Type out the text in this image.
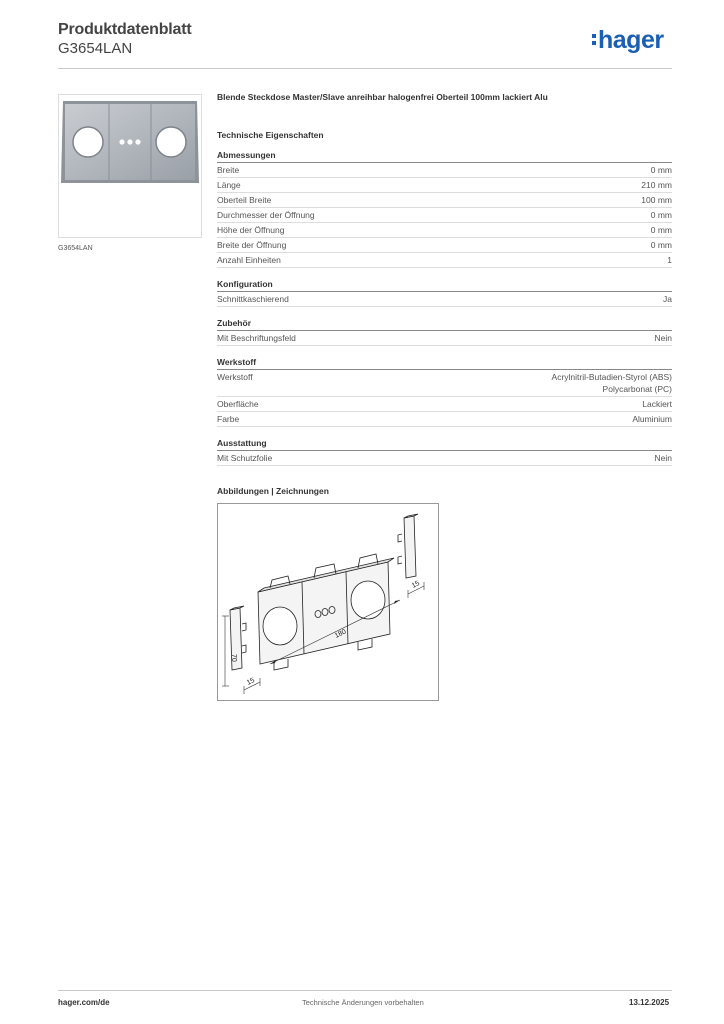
Produktdatenblatt
G3654LAN	hager
G3654LAN
Blende Steckdose Master/Slave anreihbar halogenfrei Oberteil 100mm lackiert Alu
Technische Eigenschaften
Abmessungen
Breite	0 mm
Länge	210 mm
Oberteil Breite	100 mm
Durchmesser der Öffnung	0 mm
Höhe der Öffnung	0 mm
Breite der Öffnung	0 mm
Anzahl Einheiten	1
Konfiguration
Schnittkaschierend	Ja
Zubehör
Mit Beschriftungsfeld	Nein
Werkstoff
Werkstoff	Acrylnitril-Butadien-Styrol (ABS)
Polycarbonat (PC)
Oberfläche	Lackiert
Farbe	Aluminium
Ausstattung
Mit Schutzfolie	Nein
Abbildungen | Zeichnungen
180
15
15
70
hager.com/de	Technische Änderungen vorbehalten	13.12.2025
